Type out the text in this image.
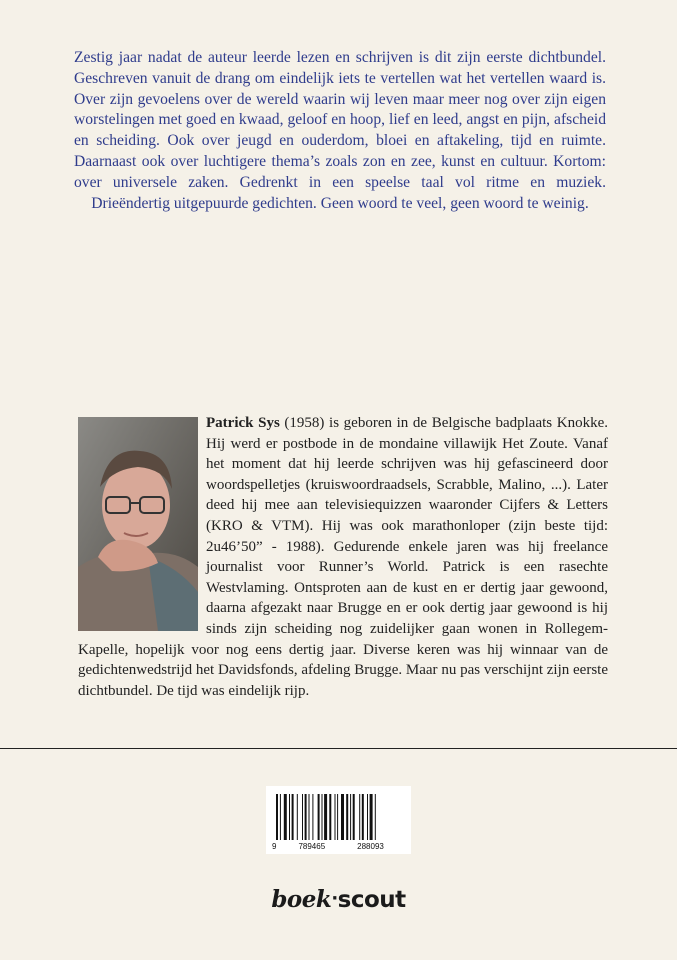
Zestig jaar nadat de auteur leerde lezen en schrijven is dit zijn eerste dichtbundel. Geschreven vanuit de drang om eindelijk iets te vertellen wat het vertellen waard is. Over zijn gevoelens over de wereld waarin wij leven maar meer nog over zijn eigen worstelingen met goed en kwaad, geloof en hoop, lief en leed, angst en pijn, afscheid en scheiding. Ook over jeugd en ouderdom, bloei en aftakeling, tijd en ruimte. Daarnaast ook over luchtigere thema’s zoals zon en zee, kunst en cultuur. Kortom: over universele zaken. Gedrenkt in een speelse taal vol ritme en muziek. Drieëndertig uitgepuurde gedichten. Geen woord te veel, geen woord te weinig.

Patrick Sys (1958) is geboren in de Belgische badplaats Knokke. Hij werd er postbode in de mondaine villawijk Het Zoute. Vanaf het moment dat hij leerde schrijven was hij gefascineerd door woordspelletjes (kruiswoordraadsels, Scrabble, Malino, ...). Later deed hij mee aan televisiequizzen waaronder Cijfers & Letters (KRO & VTM). Hij was ook marathonloper (zijn beste tijd: 2u46’50” - 1988). Gedurende enkele jaren was hij freelance journalist voor Runner’s World. Patrick is een rasechte Westvlaming. Ontsproten aan de kust en er dertig jaar gewoond, daarna afgezakt naar Brugge en er ook dertig jaar gewoond is hij sinds zijn scheiding nog zuidelijker gaan wonen in Rollegem-Kapelle, hopelijk voor nog eens dertig jaar. Diverse keren was hij winnaar van de gedichtenwedstrijd het Davidsfonds, afdeling Brugge. Maar nu pas verschijnt zijn eerste dichtbundel. De tijd was eindelijk rijp.
9	789465	288093
boek·scout
